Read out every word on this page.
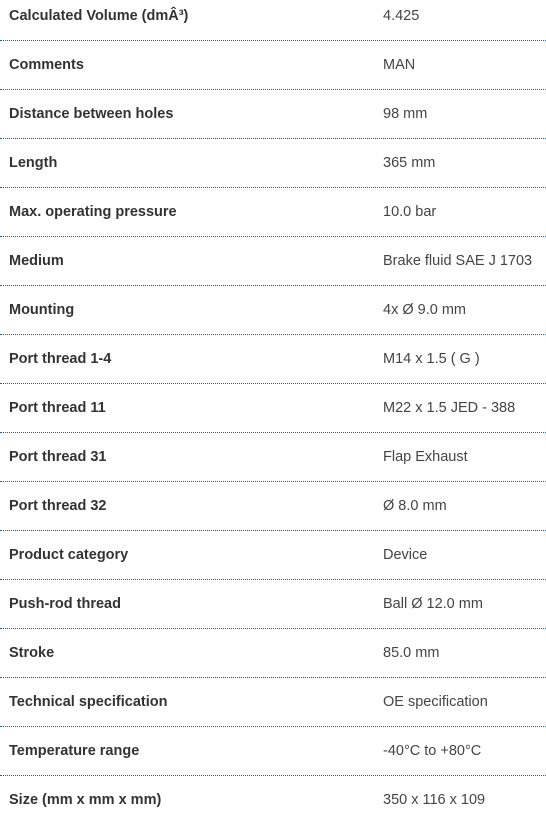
Calculated Volume (dmÂ³)	4.425
Comments	MAN
Distance between holes	98 mm
Length	365 mm
Max. operating pressure	10.0 bar
Medium	Brake fluid SAE J 1703
Mounting	4x Ø 9.0 mm
Port thread 1-4	M14 x 1.5 ( G )
Port thread 11	M22 x 1.5 JED - 388
Port thread 31	Flap Exhaust
Port thread 32	Ø 8.0 mm
Product category	Device
Push-rod thread	Ball Ø 12.0 mm
Stroke	85.0 mm
Technical specification	OE specification
Temperature range	-40°C to +80°C
Size (mm x mm x mm)	350 x 116 x 109
